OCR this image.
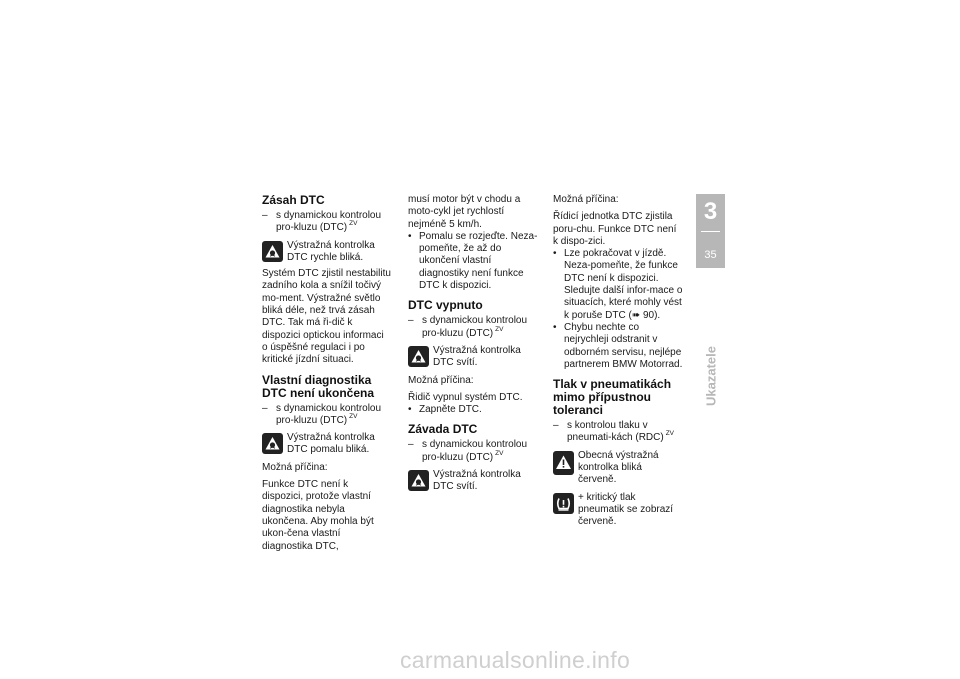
Zásah DTC
– s dynamickou kontrolou pro-kluzu (DTC) $^{ZV}$
Výstražná kontrolka DTC rychle bliká.

Systém DTC zjistil nestabilitu zadního kola a snížil točivý mo-ment. Výstražné světlo bliká déle, než trvá zásah DTC. Tak má ři-dič k dispozici optickou informaci o úspěšné regulaci i po kritické jízdní situaci.

Vlastní diagnostika DTC není ukončena
– s dynamickou kontrolou pro-kluzu (DTC) $^{ZV}$
Výstražná kontrolka DTC pomalu bliká.

Možná příčina:

Funkce DTC není k dispozici, protože vlastní diagnostika nebyla ukončena. Aby mohla být ukon-čena vlastní diagnostika DTC,

musí motor být v chodu a moto-cykl jet rychlostí nejméně 5 km/h.

• Pomalu se rozjeďte. Neza-pomeňte, že až do ukončení vlastní diagnostiky není funkce DTC k dispozici.
DTC vypnuto
– s dynamickou kontrolou pro-kluzu (DTC) $^{ZV}$
Výstražná kontrolka DTC svítí.

Možná příčina:

Řidič vypnul systém DTC.

• Zapněte DTC.
Závada DTC
– s dynamickou kontrolou pro-kluzu (DTC) $^{ZV}$
Výstražná kontrolka DTC svítí.

Možná příčina:

Řídicí jednotka DTC zjistila poru-chu. Funkce DTC není k dispo-zici.

• Lze pokračovat v jízdě. Neza-pomeňte, že funkce DTC není k dispozici. Sledujte další infor-mace o situacích, které mohly vést k poruše DTC (➠ 90).
• Chybu nechte co nejrychleji odstranit v odborném servisu, nejlépe partnerem BMW Motorrad.
Tlak v pneumatikách mimo přípustnou toleranci
– s kontrolou tlaku v pneumati-kách (RDC) $^{ZV}$
Obecná výstražná kontrolka bliká červeně.
+ kritický tlak pneumatik se zobrazí červeně.
3
35
Ukazatele
carmanualsonline.info
